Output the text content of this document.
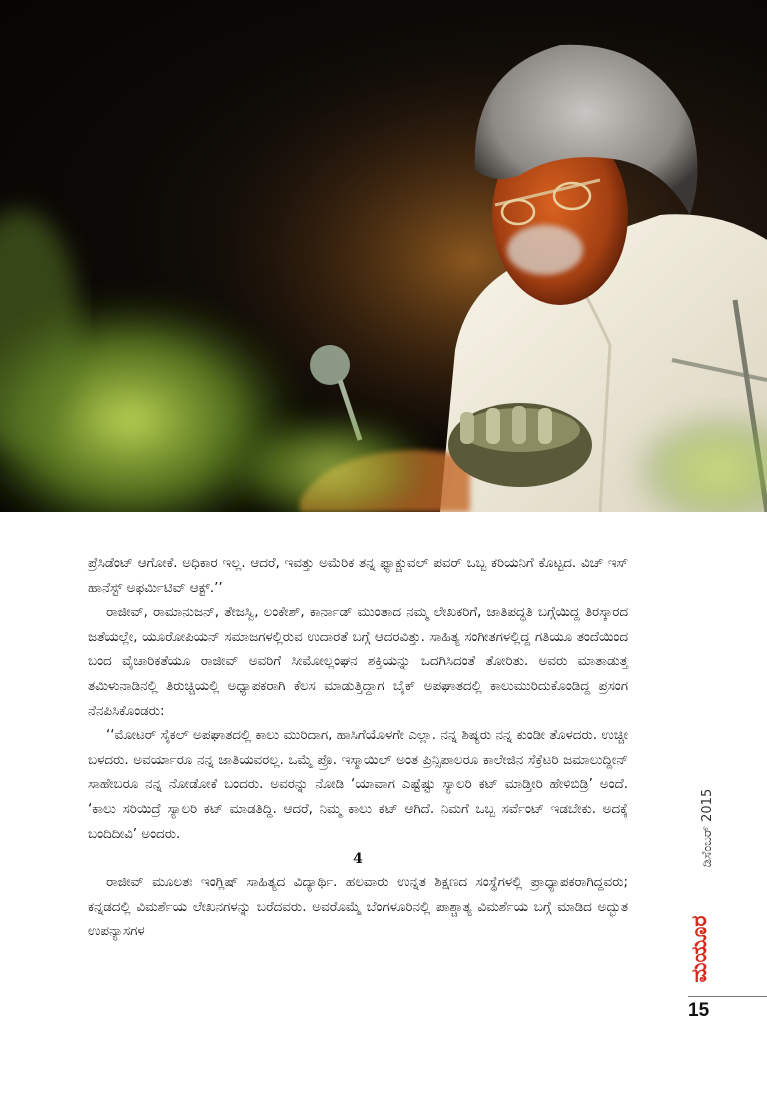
ಪ್ರೆಸಿಡೆಂಟ್ ಆಗೋಕೆ. ಅಧಿಕಾರ ಇಲ್ಲ. ಆದರೆ, ಇವತ್ತು ಅಮೆರಿಕ ತನ್ನ ಫ್ಯಾಕ್ಚುವಲ್ ಪವರ್ ಒಬ್ಬ ಕರಿಯನಿಗೆ ಕೊಟ್ಟದ. ವಿಚ್ ಇಸ್ ಹಾನೆಸ್ಟ್ ಅಫರ್ಮಿಟಿವ್ ಆಕ್ಟ್.’’

ರಾಜೀವ್, ರಾಮಾನುಜನ್, ತೇಜಸ್ವಿ, ಲಂಕೇಶ್, ಕಾರ್ನಾಡ್ ಮುಂತಾದ ನಮ್ಮ ಲೇಖಕರಿಗೆ, ಜಾತಿಪದ್ಧತಿ ಬಗ್ಗೆಯಿದ್ದ ತಿರಸ್ಕಾರದ ಜತೆಯಲ್ಲೇ, ಯೂರೋಪಿಯನ್ ಸಮಾಜಗಳಲ್ಲಿರುವ ಉದಾರತೆ ಬಗ್ಗೆ ಆದರವಿತ್ತು. ಸಾಹಿತ್ಯ ಸಂಗೀತಗಳಲ್ಲಿದ್ದ ಗತಿಯೂ ತಂದೆಯಿಂದ ಬಂದ ವೈಚಾರಿಕತೆಯೂ ರಾಜೀವ್ ಅವರಿಗೆ ಸೀಮೋಲ್ಲಂಘನ ಶಕ್ತಿಯನ್ನು ಒದಗಿಸಿದಂತೆ ತೋರಿತು. ಅವರು ಮಾತಾಡುತ್ತ ತಮಿಳುನಾಡಿನಲ್ಲಿ ತಿರುಚ್ಚಿಯಲ್ಲಿ ಅಧ್ಯಾಪಕರಾಗಿ ಕೆಲಸ ಮಾಡುತ್ತಿದ್ದಾಗ ಬೈಕ್ ಅಪಘಾತದಲ್ಲಿ ಕಾಲುಮುರಿದುಕೊಂಡಿದ್ದ ಪ್ರಸಂಗ ನೆನಪಿಸಿಕೊಂಡರು:

‘‘ಮೋಟರ್ ಸೈಕಲ್ ಅಪಘಾತದಲ್ಲಿ ಕಾಲು ಮುರಿದಾಗ, ಹಾಸಿಗೆಯೊಳಗೇ ಎಲ್ಲಾ. ನನ್ನ ಶಿಷ್ಯರು ನನ್ನ ಕುಂಡೀ ತೊಳದರು. ಉಚ್ಚೀ ಬಳದರು. ಅವರ್ಯಾರೂ ನನ್ನ ಜಾತಿಯವರಲ್ಲ. ಒಮ್ಮೆ ಪ್ರೊ. ಇಸ್ಮಾಯಿಲ್ ಅಂತ ಪ್ರಿನ್ಸಿಪಾಲರೂ ಕಾಲೇಜಿನ ಸೆಕ್ರೆಟರಿ ಜಮಾಲುದ್ದೀನ್ ಸಾಹೇಬರೂ ನನ್ನ ನೋಡೋಕೆ ಬಂದರು. ಅವರನ್ನು ನೋಡಿ ‘ಯಾವಾಗ ಎಷ್ಟೆಷ್ಟು ಸ್ಯಾಲರಿ ಕಟ್ ಮಾಡ್ತೀರಿ ಹೇಳಿಬಿಡ್ರಿ’ ಅಂದೆ. ‘ಕಾಲು ಸರಿಯಿದ್ರೆ ಸ್ಯಾಲರಿ ಕಟ್ ಮಾಡತಿದ್ದಿ. ಆದರೆ, ನಿಮ್ಮ ಕಾಲು ಕಟ್ ಆಗಿದೆ. ನಿಮಗೆ ಒಬ್ಬ ಸರ್ವೆಂಟ್ ಇಡಬೇಕು. ಅದಕ್ಕೆ ಬಂದಿದೀವಿ’ ಅಂದರು.

4

ರಾಜೀವ್ ಮೂಲತಃ ಇಂಗ್ಲಿಷ್ ಸಾಹಿತ್ಯದ ವಿದ್ಯಾರ್ಥಿ. ಹಲವಾರು ಉನ್ನತ ಶಿಕ್ಷಣದ ಸಂಸ್ಥೆಗಳಲ್ಲಿ ಪ್ರಾಧ್ಯಾಪಕರಾಗಿದ್ದವರು; ಕನ್ನಡದಲ್ಲಿ ವಿಮರ್ಶೆಯ ಲೇಖನಗಳನ್ನು ಬರೆದವರು. ಅವರೊಮ್ಮೆ ಬೆಂಗಳೂರಿನಲ್ಲಿ ಪಾಶ್ಚಾತ್ಯ ವಿಮರ್ಶೆಯ ಬಗ್ಗೆ ಮಾಡಿದ ಅದ್ಭುತ ಉಪನ್ಯಾಸಗಳ

ಡಿಸೆಂಬರ್ 2015
ಮಯೂರ
15
